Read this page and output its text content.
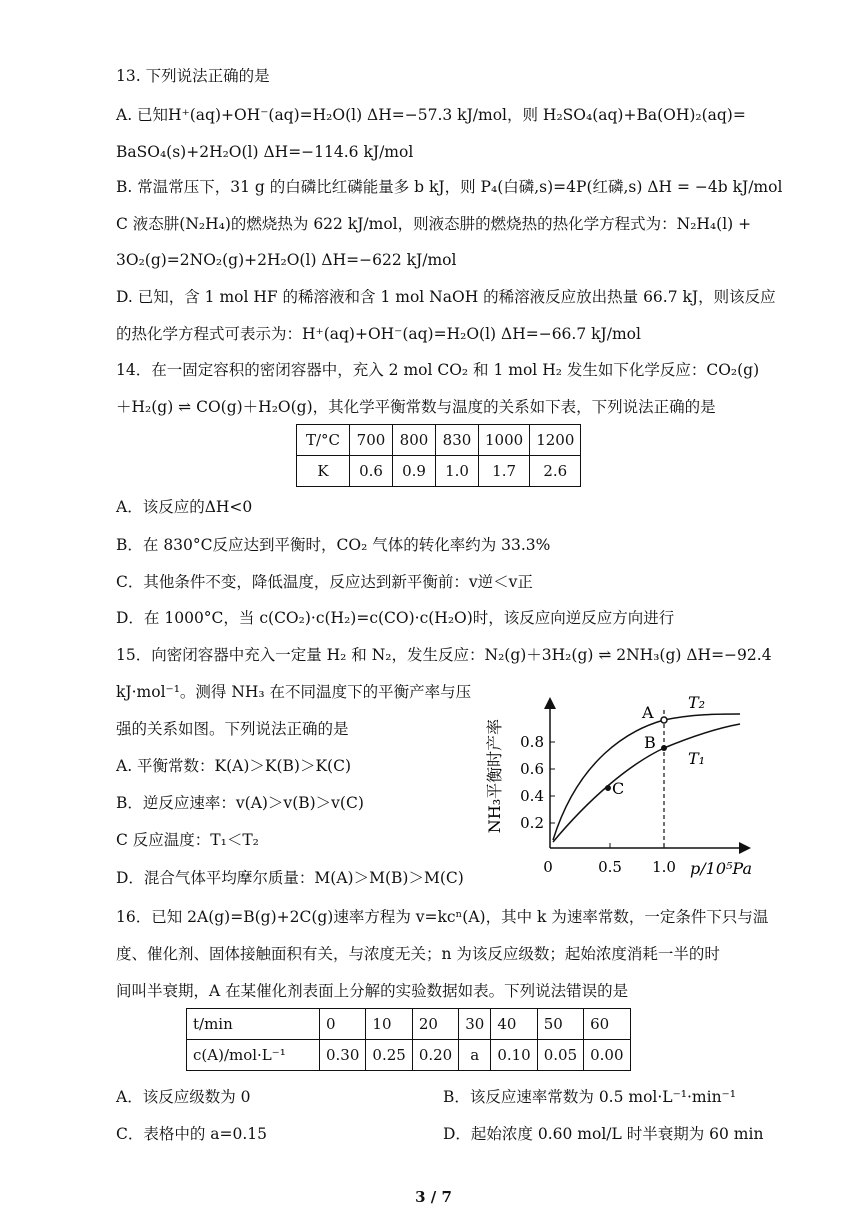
13. 下列说法正确的是
A. 已知H⁺(aq)+OH⁻(aq)=H₂O(l) ΔH=−57.3 kJ/mol，则 H₂SO₄(aq)+Ba(OH)₂(aq)=
BaSO₄(s)+2H₂O(l) ΔH=−114.6 kJ/mol
B. 常温常压下，31 g 的白磷比红磷能量多 b kJ，则 P₄(白磷,s)=4P(红磷,s) ΔH = −4b kJ/mol
C 液态肼(N₂H₄)的燃烧热为 622 kJ/mol，则液态肼的燃烧热的热化学方程式为：N₂H₄(l) +
3O₂(g)=2NO₂(g)+2H₂O(l) ΔH=−622 kJ/mol
D. 已知，含 1 mol HF 的稀溶液和含 1 mol NaOH 的稀溶液反应放出热量 66.7 kJ，则该反应
的热化学方程式可表示为：H⁺(aq)+OH⁻(aq)=H₂O(l) ΔH=−66.7 kJ/mol
14．在一固定容积的密闭容器中，充入 2 mol CO₂ 和 1 mol H₂ 发生如下化学反应：CO₂(g)
＋H₂(g) ⇌ CO(g)＋H₂O(g)，其化学平衡常数与温度的关系如下表，下列说法正确的是
T/°C	700	800	830	1000	1200
K	0.6	0.9	1.0	1.7	2.6
A．该反应的ΔH<0
B．在 830°C反应达到平衡时，CO₂ 气体的转化率约为 33.3%
C．其他条件不变，降低温度，反应达到新平衡前：v逆＜v正
D．在 1000°C，当 c(CO₂)·c(H₂)=c(CO)·c(H₂O)时，该反应向逆反应方向进行
15．向密闭容器中充入一定量 H₂ 和 N₂，发生反应：N₂(g)＋3H₂(g) ⇌ 2NH₃(g) ΔH=−92.4
kJ·mol⁻¹。测得 NH₃ 在不同温度下的平衡产率与压
强的关系如图。下列说法正确的是
A. 平衡常数：K(A)＞K(B)＞K(C)
B．逆反应速率：v(A)＞v(B)＞v(C)
C 反应温度：T₁＜T₂
D．混合气体平均摩尔质量：M(A)＞M(B)＞M(C)
0.2
0.4
0.6
0.8
0	0.5 1.0 p/10⁵Pa
NH₃平衡时产率
A
B
C
T₂
T₁
16．已知 2A(g)=B(g)+2C(g)速率方程为 v=kcⁿ(A)，其中 k 为速率常数，一定条件下只与温
度、催化剂、固体接触面积有关，与浓度无关；n 为该反应级数；起始浓度消耗一半的时
间叫半衰期，A 在某催化剂表面上分解的实验数据如表。下列说法错误的是
t/min	0	10	20	30	40	50	60
c(A)/mol·L⁻¹	0.30	0.25	0.20	a	0.10	0.05	0.00
A．该反应级数为 0	B．该反应速率常数为 0.5 mol·L⁻¹·min⁻¹
C．表格中的 a=0.15	D．起始浓度 0.60 mol/L 时半衰期为 60 min
3 / 7
